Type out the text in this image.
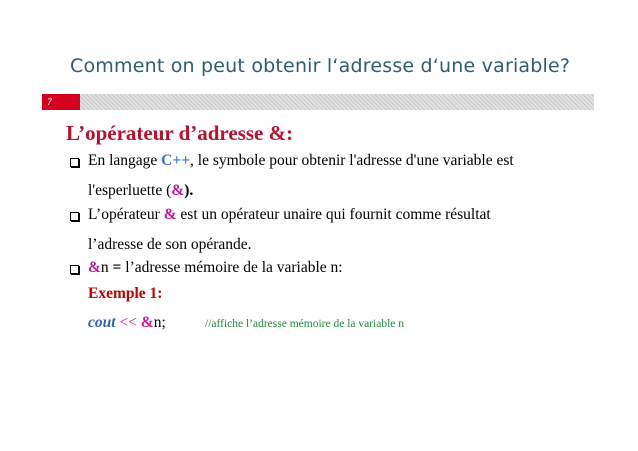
Comment on peut obtenir l‘adresse d‘une variable?
7
L’opérateur d’adresse &:
En langage C++, le symbole pour obtenir l'adresse d'une variable est
l'esperluette (&).
L’opérateur & est un opérateur unaire qui fournit comme résultat
l’adresse de son opérande.
&n = l’adresse mémoire de la variable n:
Exemple 1:
cout << &n;	//affiche l’adresse mémoire de la variable n
